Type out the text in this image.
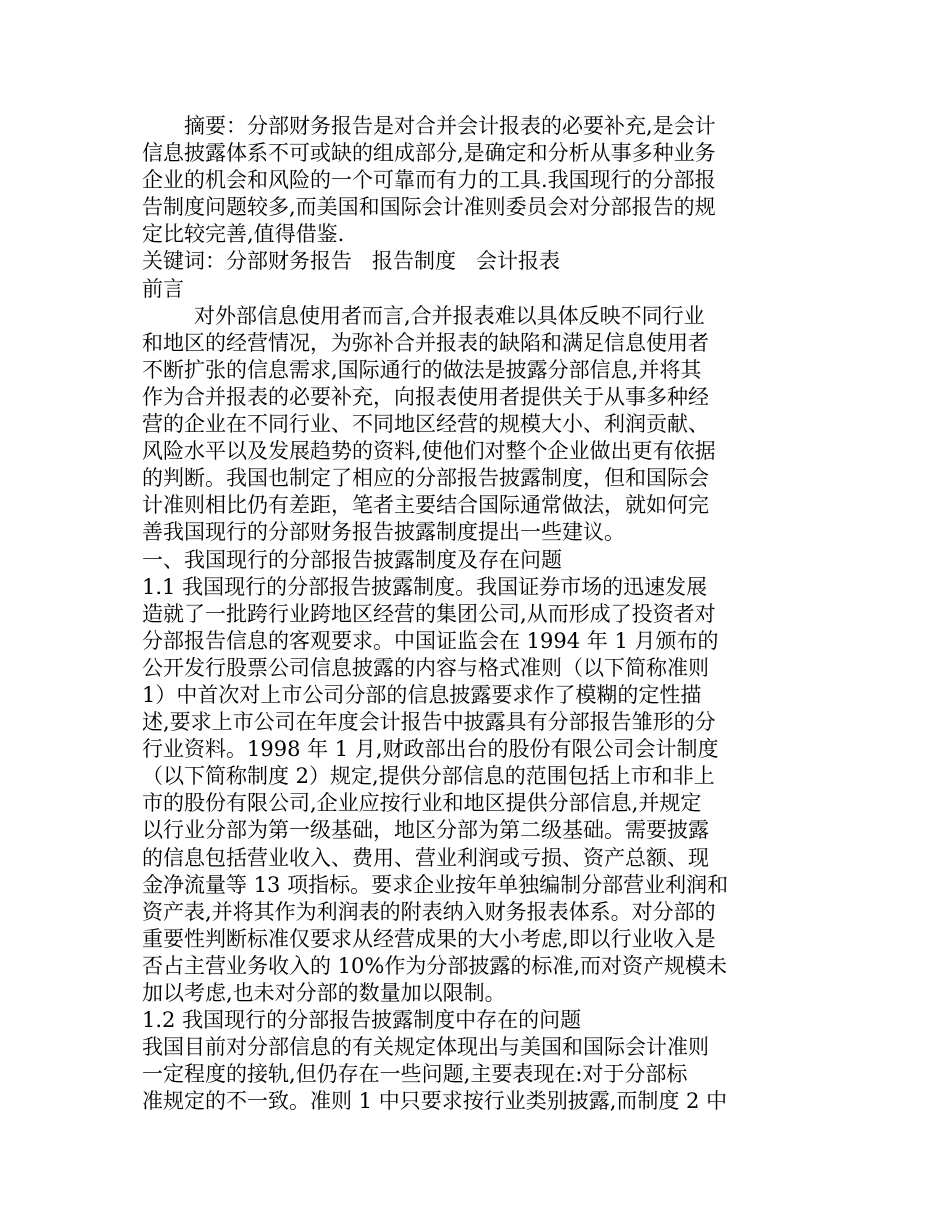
摘要：分部财务报告是对合并会计报表的必要补充,是会计
信息披露体系不可或缺的组成部分,是确定和分析从事多种业务
企业的机会和风险的一个可靠而有力的工具.我国现行的分部报
告制度问题较多,而美国和国际会计准则委员会对分部报告的规
定比较完善,值得借鉴.
关键词：分部财务报告   报告制度   会计报表
前言
对外部信息使用者而言,合并报表难以具体反映不同行业
和地区的经营情况，为弥补合并报表的缺陷和满足信息使用者
不断扩张的信息需求,国际通行的做法是披露分部信息,并将其
作为合并报表的必要补充，向报表使用者提供关于从事多种经
营的企业在不同行业、不同地区经营的规模大小、利润贡献、
风险水平以及发展趋势的资料,使他们对整个企业做出更有依据
的判断。我国也制定了相应的分部报告披露制度，但和国际会
计准则相比仍有差距，笔者主要结合国际通常做法，就如何完
善我国现行的分部财务报告披露制度提出一些建议。
一、我国现行的分部报告披露制度及存在问题
1.1 我国现行的分部报告披露制度。我国证券市场的迅速发展
造就了一批跨行业跨地区经营的集团公司,从而形成了投资者对
分部报告信息的客观要求。中国证监会在 1994 年 1 月颁布的
公开发行股票公司信息披露的内容与格式准则（以下简称准则
1）中首次对上市公司分部的信息披露要求作了模糊的定性描
述,要求上市公司在年度会计报告中披露具有分部报告雏形的分
行业资料。1998 年 1 月,财政部出台的股份有限公司会计制度
（以下简称制度 2）规定,提供分部信息的范围包括上市和非上
市的股份有限公司,企业应按行业和地区提供分部信息,并规定
以行业分部为第一级基础，地区分部为第二级基础。需要披露
的信息包括营业收入、费用、营业利润或亏损、资产总额、现
金净流量等 13 项指标。要求企业按年单独编制分部营业利润和
资产表,并将其作为利润表的附表纳入财务报表体系。对分部的
重要性判断标准仅要求从经营成果的大小考虑,即以行业收入是
否占主营业务收入的 10%作为分部披露的标准,而对资产规模未
加以考虑,也未对分部的数量加以限制。
1.2 我国现行的分部报告披露制度中存在的问题
我国目前对分部信息的有关规定体现出与美国和国际会计准则
一定程度的接轨,但仍存在一些问题,主要表现在:对于分部标
准规定的不一致。准则 1 中只要求按行业类别披露,而制度 2 中
